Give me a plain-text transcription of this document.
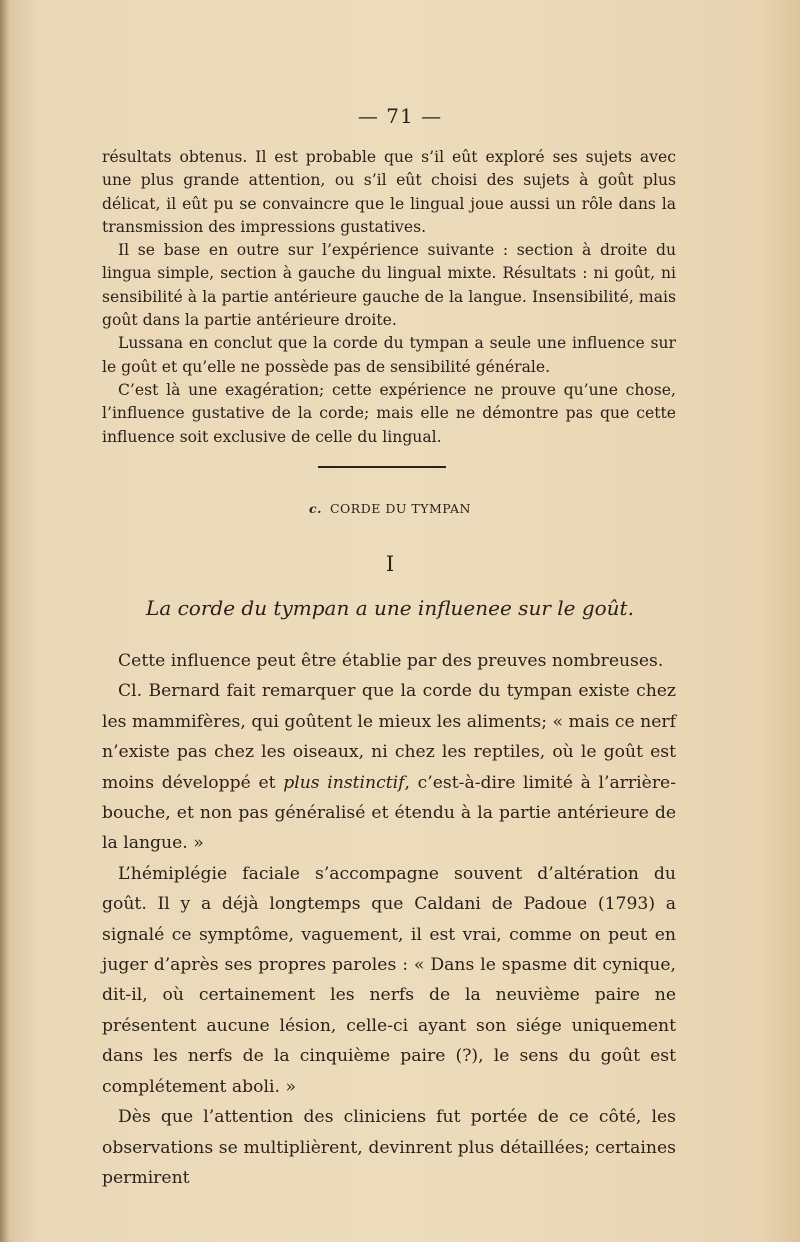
— 71 —

résultats obtenus. Il est probable que s’il eût exploré ses sujets avec une plus grande attention, ou s’il eût choisi des sujets à goût plus délicat, il eût pu se convaincre que le lingual joue aussi un rôle dans la transmission des impressions gustatives.

Il se base en outre sur l’expérience suivante : section à droite du lingua simple, section à gauche du lingual mixte. Résultats : ni goût, ni sensibilité à la partie antérieure gauche de la langue. Insensibilité, mais goût dans la partie antérieure droite.

Lussana en conclut que la corde du tympan a seule une influence sur le goût et qu’elle ne possède pas de sensibilité générale.

C’est là une exagération; cette expérience ne prouve qu’une chose, l’influence gustative de la corde; mais elle ne démontre pas que cette influence soit exclusive de celle du lingual.

c. CORDE DU TYMPAN
I
La corde du tympan a une influenee sur le goût.

Cette influence peut être établie par des preuves nombreuses.

Cl. Bernard fait remarquer que la corde du tympan existe chez les mammifères, qui goûtent le mieux les aliments; « mais ce nerf n’existe pas chez les oiseaux, ni chez les reptiles, où le goût est moins développé et plus instinctif, c’est-à-dire limité à l’arrière-bouche, et non pas généralisé et étendu à la partie antérieure de la langue. »

L’hémiplégie faciale s’accompagne souvent d’altération du goût. Il y a déjà longtemps que Caldani de Padoue (1793) a signalé ce symptôme, vaguement, il est vrai, comme on peut en juger d’après ses propres paroles : « Dans le spasme dit cynique, dit-il, où certainement les nerfs de la neuvième paire ne présentent aucune lésion, celle-ci ayant son siége uniquement dans les nerfs de la cinquième paire (?), le sens du goût est complétement aboli. »

Dès que l’attention des cliniciens fut portée de ce côté, les observations se multiplièrent, devinrent plus détaillées; certaines permirent
